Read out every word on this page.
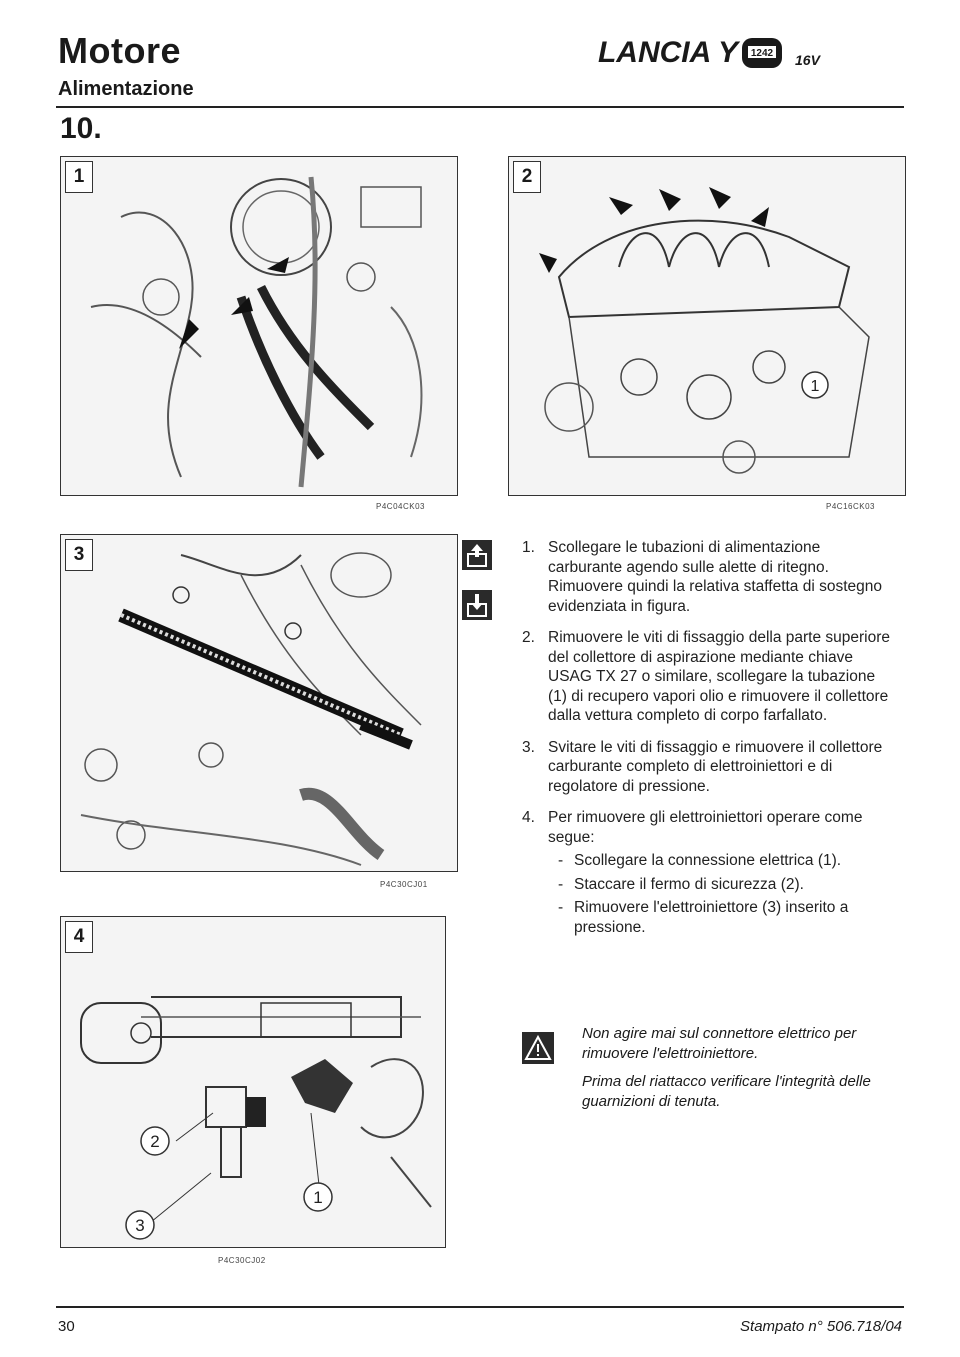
Motore
Alimentazione
LANCIA Y 1242 16V
10.
1
P4C04CK03
1
2
P4C16CK03
3
P4C30CJ01
2
3
1
4
P4C30CJ02
1. Scollegare le tubazioni di alimentazione carburante agendo sulle alette di ritegno. Rimuovere quindi la relativa staffetta di sostegno evidenziata in figura.
2. Rimuovere le viti di fissaggio della parte superiore del collettore di aspirazione mediante chiave USAG TX 27 o similare, scollegare la tubazione (1) di recupero vapori olio e rimuovere il collettore dalla vettura completo di corpo farfallato.
3. Svitare le viti di fissaggio e rimuovere il collettore carburante completo di elettroiniettori e di regolatore di pressione.
4. Per rimuovere gli elettroiniettori operare come segue:
- Scollegare la connessione elettrica (1).
- Staccare il fermo di sicurezza (2).
- Rimuovere l'elettroiniettore (3) inserito a pressione.

Non agire mai sul connettore elettrico per rimuovere l'elettroiniettore.

Prima del riattacco verificare l'integrità delle guarnizioni di tenuta.

30	Stampato n° 506.718/04
